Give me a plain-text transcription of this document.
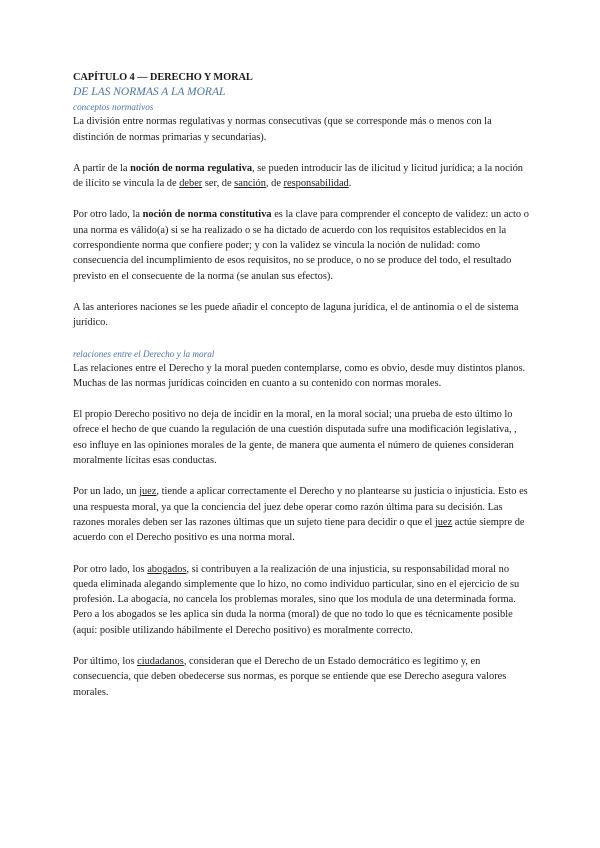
CAPÍTULO 4 — DERECHO Y MORAL

DE LAS NORMAS A LA MORAL

conceptos normativos

La división entre normas regulativas y normas consecutivas (que se corresponde más o menos con la distinción de normas primarias y secundarias).

A partir de la noción de norma regulativa, se pueden introducir las de ilicitud y licitud jurídica; a la noción de ilícito se vincula la de deber ser, de sanción, de responsabilidad.

Por otro lado, la noción de norma constitutiva es la clave para comprender el concepto de validez: un acto o una norma es válido(a) si se ha realizado o se ha dictado de acuerdo con los requisitos establecidos en la correspondiente norma que confiere poder; y con la validez se vincula la noción de nulidad: como consecuencia del incumplimiento de esos requisitos, no se produce, o no se produce del todo, el resultado previsto en el consecuente de la norma (se anulan sus efectos).

A las anteriores naciones se les puede añadir el concepto de laguna jurídica, el de antinomia o el de sistema jurídico.

relaciones entre el Derecho y la moral

Las relaciones entre el Derecho y la moral pueden contemplarse, como es obvio, desde muy distintos planos. Muchas de las normas jurídicas coinciden en cuanto a su contenido con normas morales.

El propio Derecho positivo no deja de incidir en la moral, en la moral social; una prueba de esto último lo ofrece el hecho de que cuando la regulación de una cuestión disputada sufre una modificación legislativa, , eso influye en las opiniones morales de la gente, de manera que aumenta el número de quienes consideran moralmente lícitas esas conductas.

Por un lado, un juez, tiende a aplicar correctamente el Derecho y no plantearse su justicia o injusticia. Esto es una respuesta moral, ya que la conciencia del juez debe operar como razón última para su decisión. Las razones morales deben ser las razones últimas que un sujeto tiene para decidir o que el juez actúe siempre de acuerdo con el Derecho positivo es una norma moral.

Por otro lado, los abogados, si contribuyen a la realización de una injusticia, su responsabilidad moral no queda eliminada alegando simplemente que lo hizo, no como individuo particular, sino en el ejercicio de su profesión. La abogacía, no cancela los problemas morales, sino que los modula de una determinada forma. Pero a los abogados se les aplica sin duda la norma (moral) de que no todo lo que es técnicamente posible (aquí: posible utilizando hábilmente el Derecho positivo) es moralmente correcto.

Por último, los ciudadanos, consideran que el Derecho de un Estado democrático es legítimo y, en consecuencia, que deben obedecerse sus normas, es porque se entiende que ese Derecho asegura valores morales.
